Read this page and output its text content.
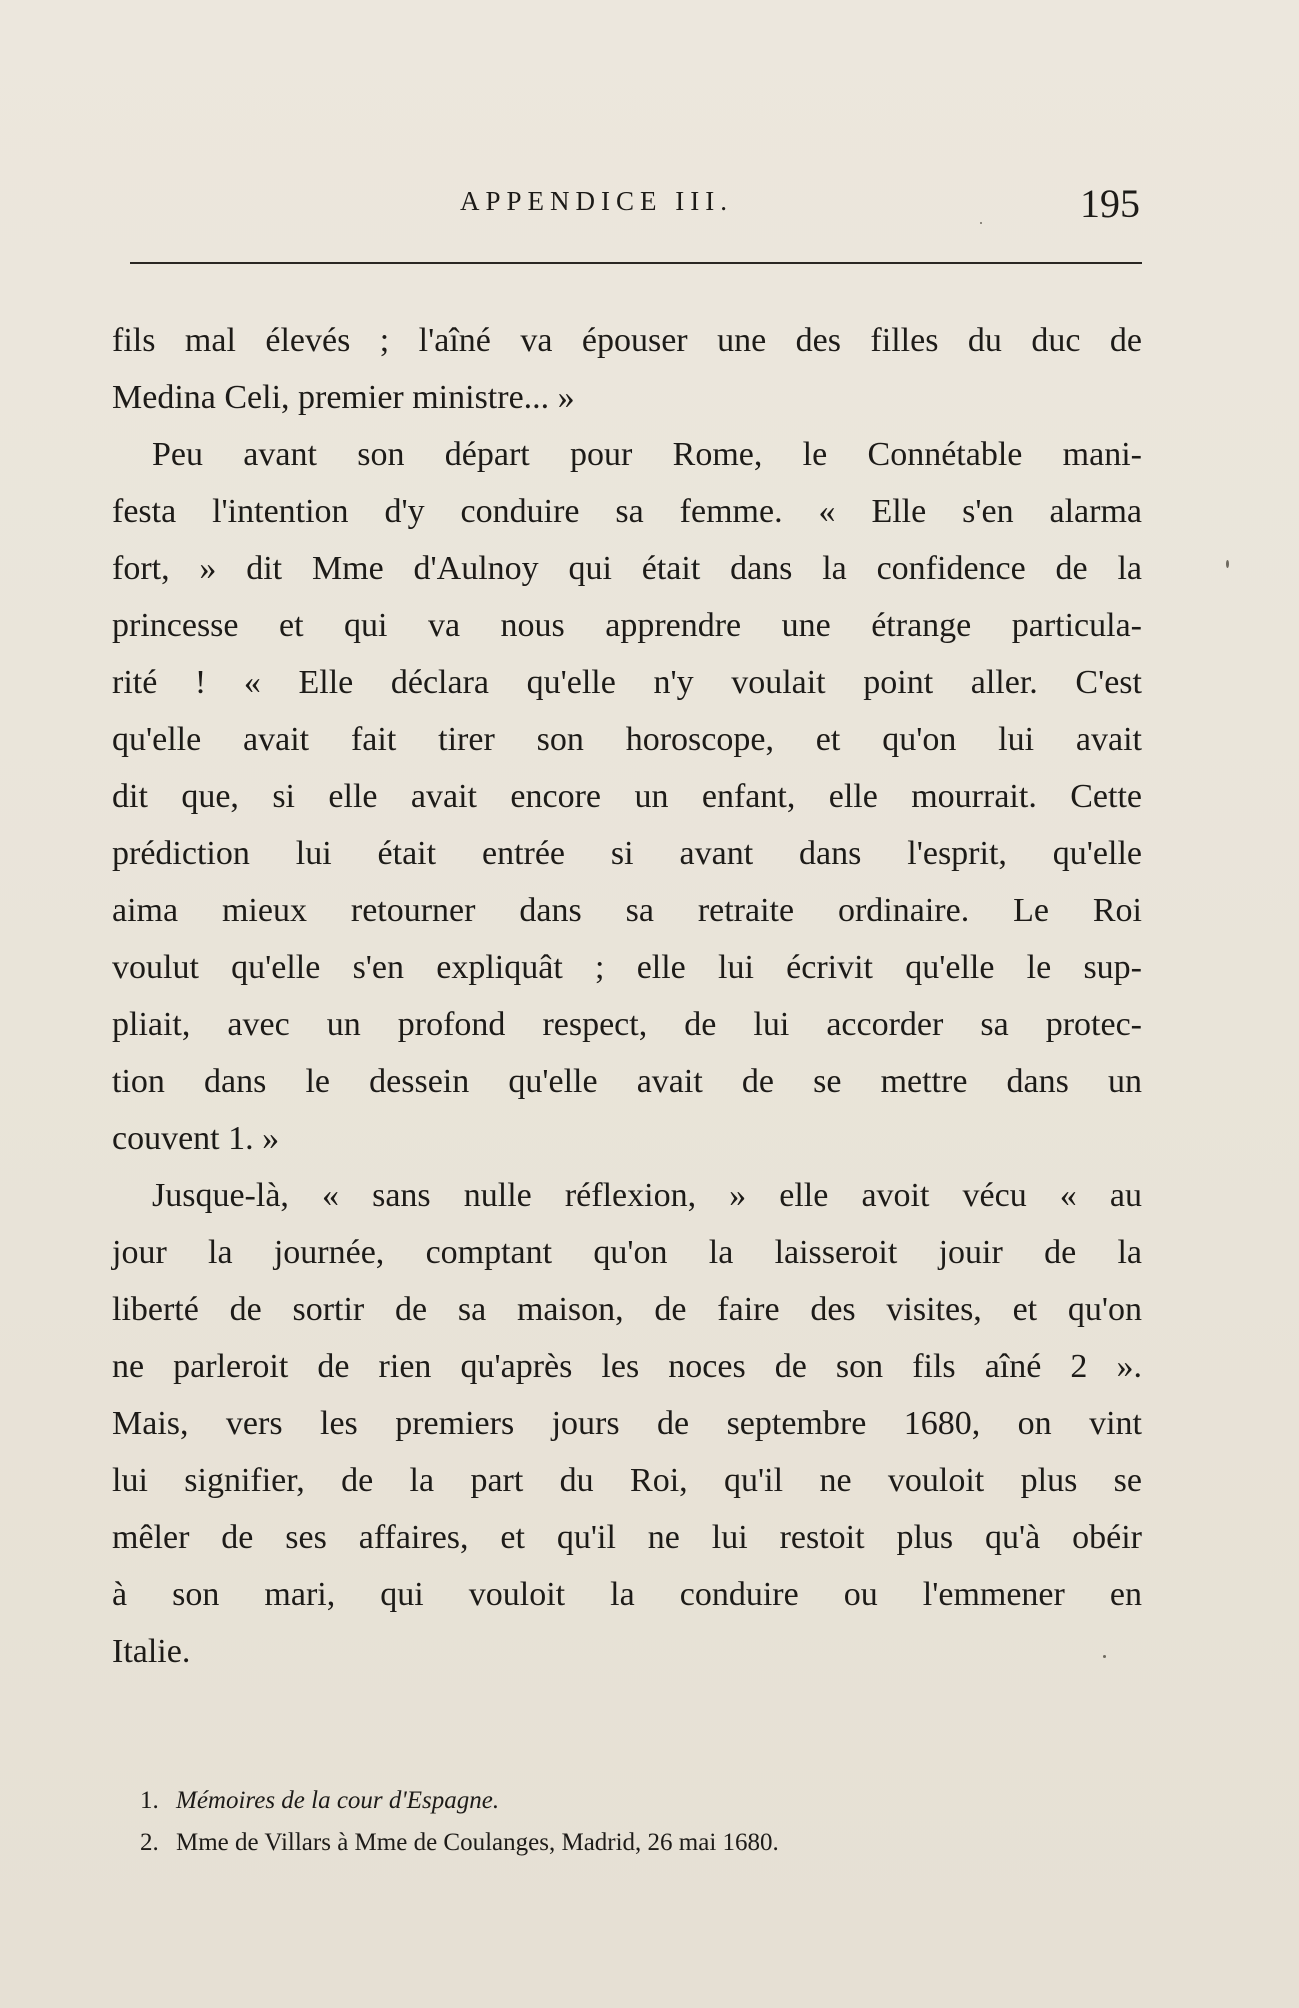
APPENDICE III.	195
fils mal élevés ; l'aîné va épouser une des filles du duc de
Medina Celi, premier ministre... »
Peu avant son départ pour Rome, le Connétable mani-
festa l'intention d'y conduire sa femme. « Elle s'en alarma
fort, » dit Mme d'Aulnoy qui était dans la confidence de la
princesse et qui va nous apprendre une étrange particula-
rité ! « Elle déclara qu'elle n'y voulait point aller. C'est
qu'elle avait fait tirer son horoscope, et qu'on lui avait
dit que, si elle avait encore un enfant, elle mourrait. Cette
prédiction lui était entrée si avant dans l'esprit, qu'elle
aima mieux retourner dans sa retraite ordinaire. Le Roi
voulut qu'elle s'en expliquât ; elle lui écrivit qu'elle le sup-
pliait, avec un profond respect, de lui accorder sa protec-
tion dans le dessein qu'elle avait de se mettre dans un
couvent 1. »
Jusque-là, « sans nulle réflexion, » elle avoit vécu « au
jour la journée, comptant qu'on la laisseroit jouir de la
liberté de sortir de sa maison, de faire des visites, et qu'on
ne parleroit de rien qu'après les noces de son fils aîné 2 ».
Mais, vers les premiers jours de septembre 1680, on vint
lui signifier, de la part du Roi, qu'il ne vouloit plus se
mêler de ses affaires, et qu'il ne lui restoit plus qu'à obéir
à son mari, qui vouloit la conduire ou l'emmener en
Italie.
1. Mémoires de la cour d'Espagne.
2. Mme de Villars à Mme de Coulanges, Madrid, 26 mai 1680.
